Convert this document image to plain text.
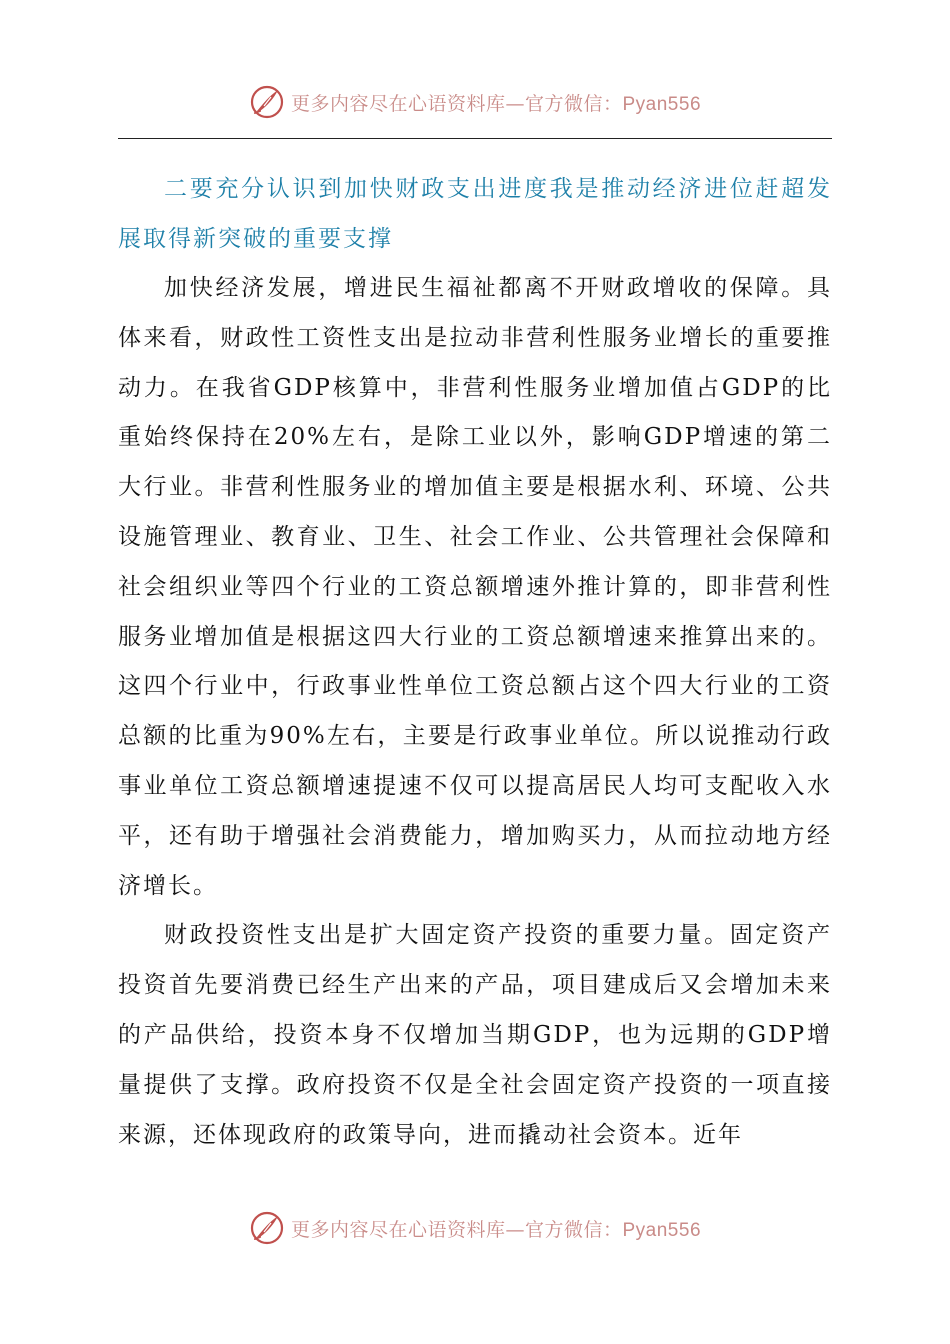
更多内容尽在心语资料库—官方微信：Pyan556
二要充分认识到加快财政支出进度我是推动经济进位赶超发展取得新突破的重要支撑

加快经济发展，增进民生福祉都离不开财政增收的保障。具体来看，财政性工资性支出是拉动非营利性服务业增长的重要推动力。在我省GDP核算中，非营利性服务业增加值占GDP的比重始终保持在20%左右，是除工业以外，影响GDP增速的第二大行业。非营利性服务业的增加值主要是根据水利、环境、公共设施管理业、教育业、卫生、社会工作业、公共管理社会保障和社会组织业等四个行业的工资总额增速外推计算的，即非营利性服务业增加值是根据这四大行业的工资总额增速来推算出来的。这四个行业中，行政事业性单位工资总额占这个四大行业的工资总额的比重为90%左右，主要是行政事业单位。所以说推动行政事业单位工资总额增速提速不仅可以提高居民人均可支配收入水平，还有助于增强社会消费能力，增加购买力，从而拉动地方经济增长。

财政投资性支出是扩大固定资产投资的重要力量。固定资产投资首先要消费已经生产出来的产品，项目建成后又会增加未来的产品供给，投资本身不仅增加当期GDP，也为远期的GDP增量提供了支撑。政府投资不仅是全社会固定资产投资的一项直接来源，还体现政府的政策导向，进而撬动社会资本。近年

更多内容尽在心语资料库—官方微信：Pyan556
